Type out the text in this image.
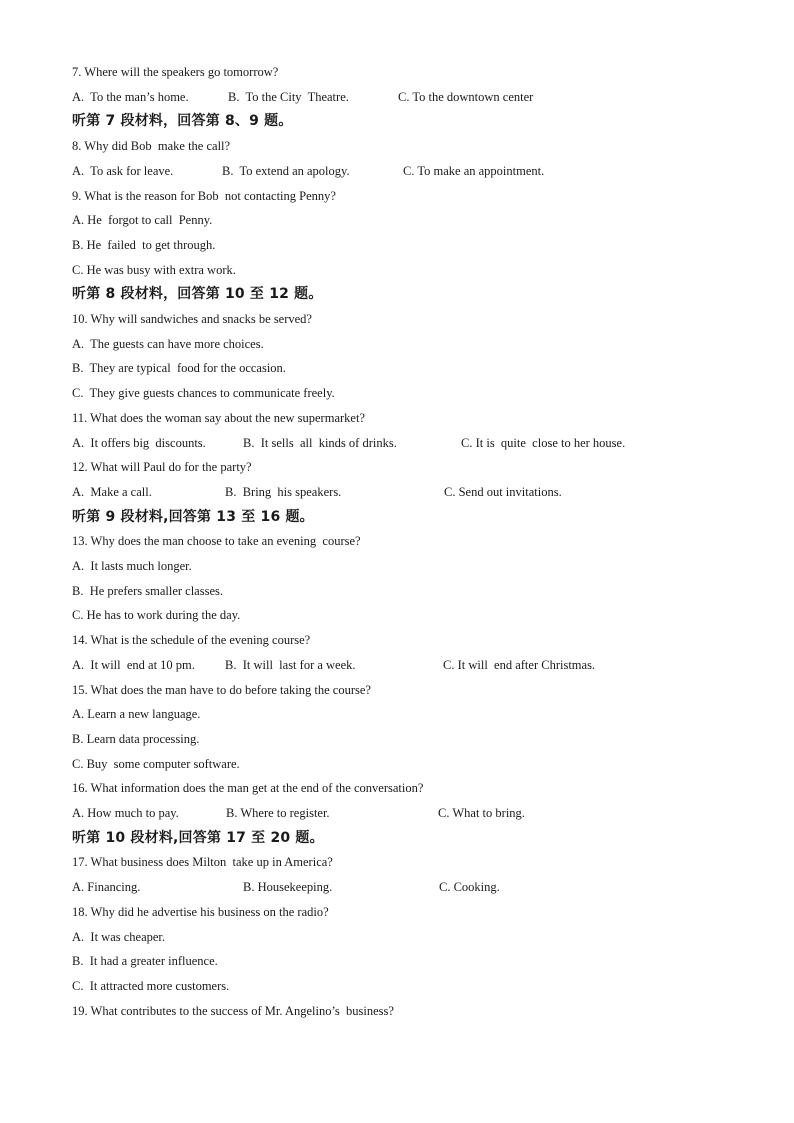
7. Where will the speakers go tomorrow?
A.  To the man’s home.	B.  To the City  Theatre.	C. To the downtown center
听第 7 段材料，回答第 8、9 题。
8. Why did Bob  make the call?
A.  To ask for leave.	B.  To extend an apology.	C. To make an appointment.
9. What is the reason for Bob  not contacting Penny?
A. He  forgot to call  Penny.
B. He  failed  to get through.
C. He was busy with extra work.
听第 8 段材料，回答第 10 至 12 题。
10. Why will sandwiches and snacks be served?
A.  The guests can have more choices.
B.  They are typical  food for the occasion.
C.  They give guests chances to communicate freely.
11. What does the woman say about the new supermarket?
A.  It offers big  discounts.	B.  It sells  all  kinds of drinks.	C. It is  quite  close to her house.
12. What will Paul do for the party?
A.  Make a call.	B.  Bring  his speakers.	C. Send out invitations.
听第 9 段材料,回答第 13 至 16 题。
13. Why does the man choose to take an evening  course?
A.  It lasts much longer.
B.  He prefers smaller classes.
C. He has to work during the day.
14. What is the schedule of the evening course?
A.  It will  end at 10 pm. B.  It will  last for a week.	C. It will  end after Christmas.
15. What does the man have to do before taking the course?
A. Learn a new language.
B. Learn data processing.
C. Buy  some computer software.
16. What information does the man get at the end of the conversation?
A. How much to pay.	B. Where to register.	C. What to bring.
听第 10 段材料,回答第 17 至 20 题。
17. What business does Milton  take up in America?
A. Financing.	B. Housekeeping.	C. Cooking.
18. Why did he advertise his business on the radio?
A.  It was cheaper.
B.  It had a greater influence.
C.  It attracted more customers.
19. What contributes to the success of Mr. Angelino’s  business?
